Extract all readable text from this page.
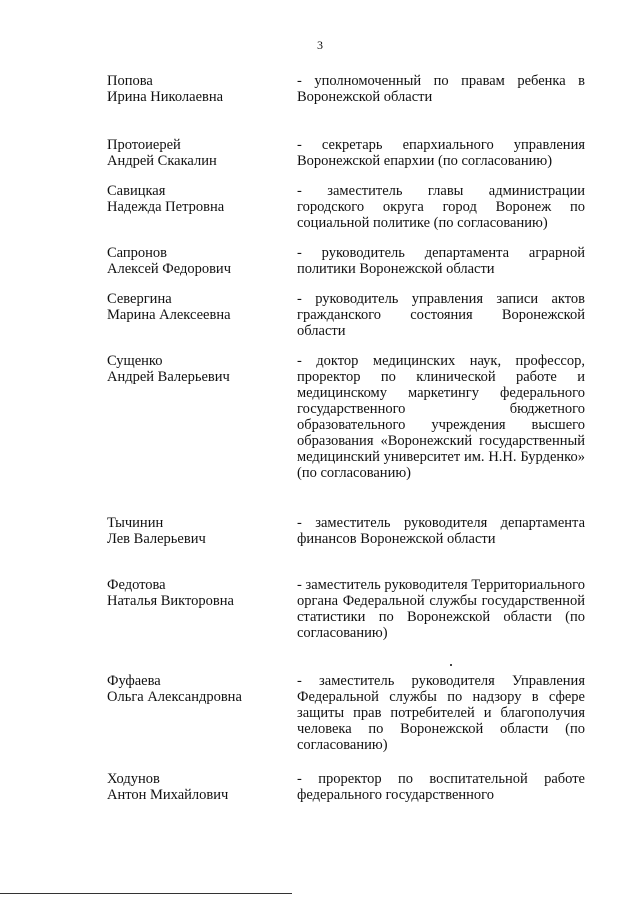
3
Попова
Ирина Николаевна
- уполномоченный по правам ребенка в Воронежской области
Протоиерей
Андрей Скакалин
- секретарь епархиального управления Воронежской епархии (по согласованию)
Савицкая
Надежда Петровна
- заместитель главы администрации городского округа город Воронеж по социальной политике (по согласованию)
Сапронов
Алексей Федорович
- руководитель департамента аграрной политики Воронежской области
Севергина
Марина Алексеевна
- руководитель управления записи актов гражданского состояния Воронежской области
Сущенко
Андрей Валерьевич
- доктор медицинских наук, профессор, проректор по клинической работе и медицинскому маркетингу федерального государственного бюджетного образовательного учреждения высшего образования «Воронежский государственный медицинский университет им. Н.Н. Бурденко» (по согласованию)
Тычинин
Лев Валерьевич
- заместитель руководителя департамента финансов Воронежской области
Федотова
Наталья Викторовна
- заместитель руководителя Территориального органа Федеральной службы государственной статистики по Воронежской области (по согласованию)
Фуфаева
Ольга Александровна
- заместитель руководителя Управления Федеральной службы по надзору в сфере защиты прав потребителей и благополучия человека по Воронежской области (по согласованию)
Ходунов
Антон Михайлович
- проректор по воспитательной работе федерального государственного
